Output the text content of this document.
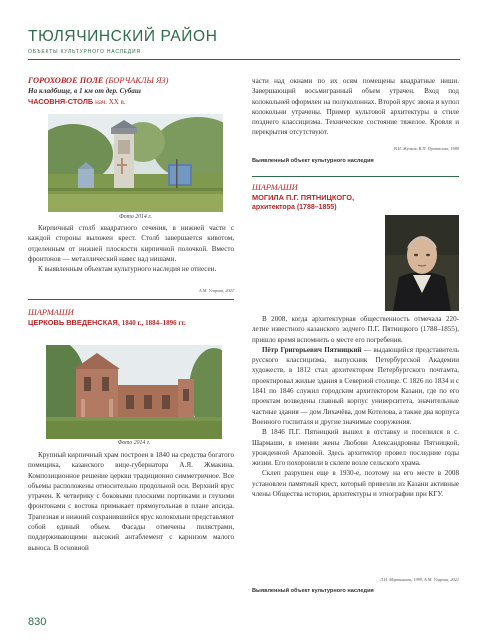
ТЮЛЯЧИНСКИЙ РАЙОН
ОБЪЕКТЫ КУЛЬТУРНОГО НАСЛЕДИЯ
ГОРОХОВОЕ ПОЛЕ (БОРЧАКЛЫ ЯЗ)
На кладбище, в 1 км от дер. Субаш
ЧАСОВНЯ-СТОЛБ нач. ХХ в.
Фото 2014 г.

Кирпичный столб квадратного сечения, в нижней части с каждой стороны выложен крест. Столб завершается кивотом, отделенным от нижней плоскости кирпичной полочкой. Вместо фронтонов — металлический навес над нишами.

К выявленным объектам культурного наследия не отнесен.

А.М. Угарова, 2021
ШАРМАШИ
ЦЕРКОВЬ ВВЕДЕНСКАЯ, 1840 г., 1884–1896 гг.
Фото 2014 г.

Крупный кирпичный храм построен в 1840 на средства богатого помещика, казанского вице-губернатора А.Я. Жмакина. Композиционное решение церкви традиционно симметричное. Все объемы расположены относительно продольной оси. Верхний ярус утрачен. К четверику с боковыми плоскими портиками и глухими фронтонами с востока примыкает прямоугольная в плане апсида. Трапезная и нижний сохранившийся ярус колокольни представляют собой единый объем. Фасады отмечены пилястрами, поддерживающими высокий антаблемент с карнизом малого выноса. В основной

части над окнами по их осям помещены квадратные ниши. Завершающий восьмигранный объем утрачен. Вход под колокольней оформлен на полуколоннах. Второй ярус звона и купол колокольни утрачены. Пример культовой архитектуры в стиле позднего классицизма. Техническое состояние тяжелое. Кровля и перекрытия отсутствуют.

В.И. Жучков, В.П. Протасова, 1989
Выявленный объект культурного наследия
ШАРМАШИ
МОГИЛА П.Г. ПЯТНИЦКОГО,
архитектора (1788–1855)

В 2008, когда архитектурная общественность отмечала 220-летие известного казанского зодчего П.Г. Пятницкого (1788–1855), пришло время вспомнить о месте его погребения.

Пётр Григорьевич Пятницкий — выдающийся представитель русского классицизма, выпускник Петербургской Академии художеств, в 1812 стал архитектором Петербургского почтамта, проектировал жилые здания в Северной столице. С 1826 по 1834 и с 1841 по 1846 служил городским архитектором Казани, где по его проектам возведены главный корпус университета, значительные частные здания — дом Лихачёва, дом Котелова, а также два корпуса Военного госпиталя и другие значимые сооружения.

В 1846 П.Г. Пятницкий вышел в отставку и поселился в с. Шармаши, в имении жены Любови Александровны Пятницкой, урожденной Араповой. Здесь архитектор провел последние годы жизни. Его похоронили в склепе возле сельского храма.

Склеп разрушен еще в 1930-е, поэтому на его месте в 2008 установлен памятный крест, который привезли из Казани активные члены Общества истории, архитектуры и этнографии при КГУ.

Л.И. Мартынова, 1999, А.М. Угарова, 2021
Выявленный объект культурного наследия
830
